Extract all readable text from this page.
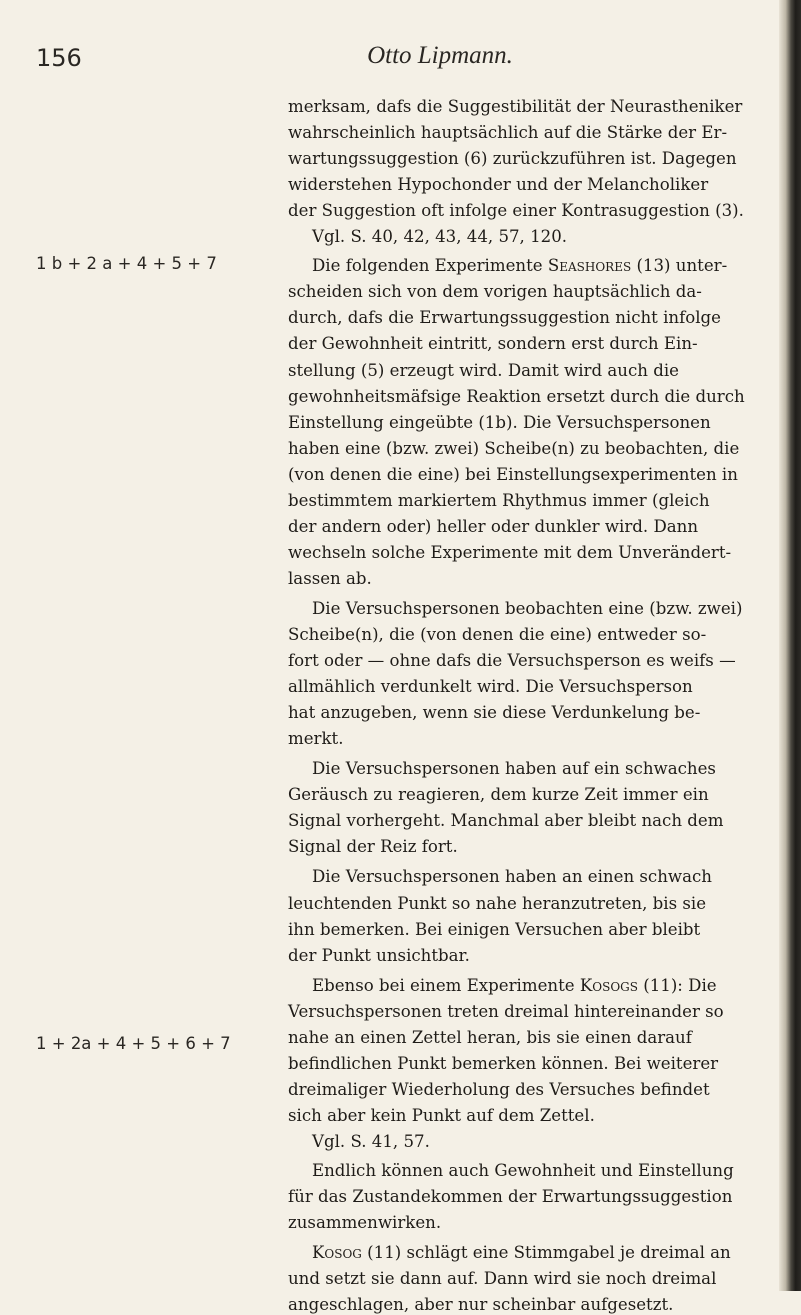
156	Otto Lipmann.
1 b + 2 a + 4 + 5 + 7
1 + 2a + 4 + 5 + 6 + 7
merksam, dafs die Suggestibilität der Neurastheniker
wahrscheinlich hauptsächlich auf die Stärke der Er-
wartungssuggestion (6) zurückzuführen ist. Dagegen
widerstehen Hypochonder und der Melancholiker
der Suggestion oft infolge einer Kontrasuggestion (3).
Vgl. S. 40, 42, 43, 44, 57, 120.
Die folgenden Experimente Seashores (13) unter-
scheiden sich von dem vorigen hauptsächlich da-
durch, dafs die Erwartungssuggestion nicht infolge
der Gewohnheit eintritt, sondern erst durch Ein-
stellung (5) erzeugt wird. Damit wird auch die
gewohnheitsmäfsige Reaktion ersetzt durch die durch
Einstellung eingeübte (1b). Die Versuchspersonen
haben eine (bzw. zwei) Scheibe(n) zu beobachten, die
(von denen die eine) bei Einstellungsexperimenten in
bestimmtem markiertem Rhythmus immer (gleich
der andern oder) heller oder dunkler wird. Dann
wechseln solche Experimente mit dem Unverändert-
lassen ab.
Die Versuchspersonen beobachten eine (bzw. zwei)
Scheibe(n), die (von denen die eine) entweder so-
fort oder — ohne dafs die Versuchsperson es weifs —
allmählich verdunkelt wird. Die Versuchsperson
hat anzugeben, wenn sie diese Verdunkelung be-
merkt.
Die Versuchspersonen haben auf ein schwaches
Geräusch zu reagieren, dem kurze Zeit immer ein
Signal vorhergeht. Manchmal aber bleibt nach dem
Signal der Reiz fort.
Die Versuchspersonen haben an einen schwach
leuchtenden Punkt so nahe heranzutreten, bis sie
ihn bemerken. Bei einigen Versuchen aber bleibt
der Punkt unsichtbar.
Ebenso bei einem Experimente Kosogs (11): Die
Versuchspersonen treten dreimal hintereinander so
nahe an einen Zettel heran, bis sie einen darauf
befindlichen Punkt bemerken können. Bei weiterer
dreimaliger Wiederholung des Versuches befindet
sich aber kein Punkt auf dem Zettel.
Vgl. S. 41, 57.
Endlich können auch Gewohnheit und Einstellung
für das Zustandekommen der Erwartungssuggestion
zusammenwirken.
Kosog (11) schlägt eine Stimmgabel je dreimal an
und setzt sie dann auf. Dann wird sie noch dreimal
angeschlagen, aber nur scheinbar aufgesetzt.
